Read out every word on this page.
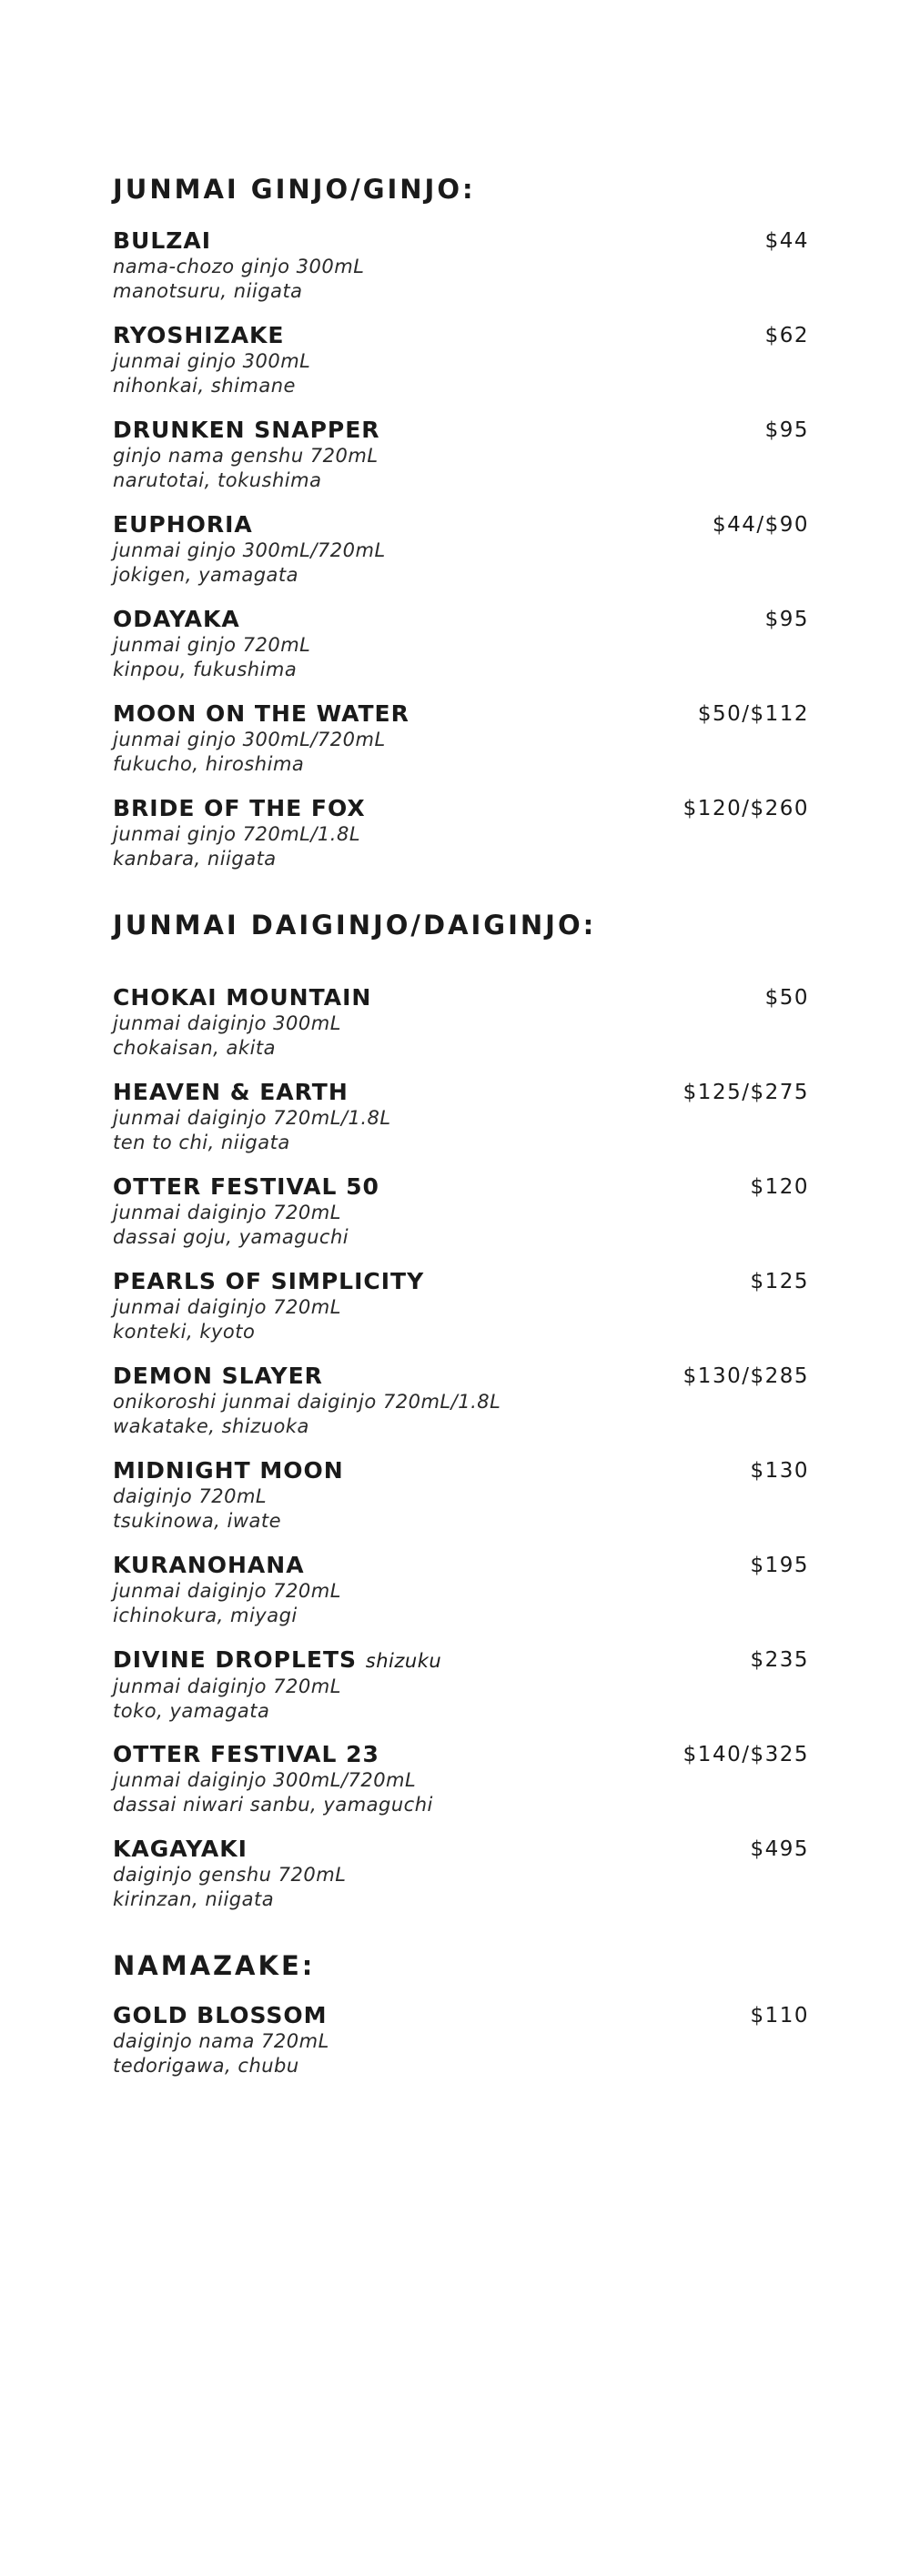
JUNMAI GINJO/GINJO:
BULZAI
nama-chozo ginjo 300mL
manotsuru, niigata
$44
RYOSHIZAKE
junmai ginjo 300mL
nihonkai, shimane
$62
DRUNKEN SNAPPER
ginjo nama genshu 720mL
narutotai, tokushima
$95
EUPHORIA
junmai ginjo 300mL/720mL
jokigen, yamagata
$44/$90
ODAYAKA
junmai ginjo 720mL
kinpou, fukushima
$95
MOON ON THE WATER
junmai ginjo 300mL/720mL
fukucho, hiroshima
$50/$112
BRIDE OF THE FOX
junmai ginjo 720mL/1.8L
kanbara, niigata
$120/$260
JUNMAI DAIGINJO/DAIGINJO:
CHOKAI MOUNTAIN
junmai daiginjo 300mL
chokaisan, akita
$50
HEAVEN & EARTH
junmai daiginjo 720mL/1.8L
ten to chi, niigata
$125/$275
OTTER FESTIVAL 50
junmai daiginjo 720mL
dassai goju, yamaguchi
$120
PEARLS OF SIMPLICITY
junmai daiginjo 720mL
konteki, kyoto
$125
DEMON SLAYER
onikoroshi junmai daiginjo 720mL/1.8L
wakatake, shizuoka
$130/$285
MIDNIGHT MOON
daiginjo 720mL
tsukinowa, iwate
$130
KURANOHANA
junmai daiginjo 720mL
ichinokura, miyagi
$195
DIVINE DROPLETS shizuku
junmai daiginjo 720mL
toko, yamagata
$235
OTTER FESTIVAL 23
junmai daiginjo 300mL/720mL
dassai niwari sanbu, yamaguchi
$140/$325
KAGAYAKI
daiginjo genshu 720mL
kirinzan, niigata
$495
NAMAZAKE:
GOLD BLOSSOM
daiginjo nama 720mL
tedorigawa, chubu
$110
